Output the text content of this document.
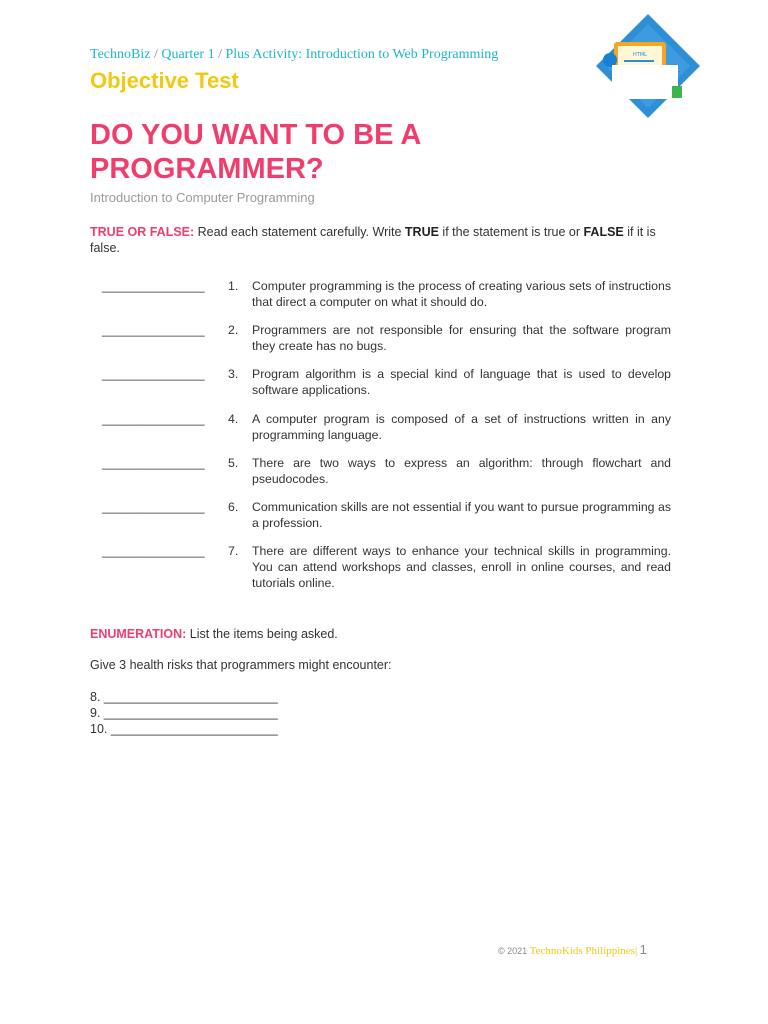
TechnoBiz / Quarter 1 / Plus Activity: Introduction to Web Programming	HTML
Objective Test
DO YOU WANT TO BE A PROGRAMMER?
Introduction to Computer Programming
TRUE OR FALSE: Read each statement carefully. Write TRUE if the statement is true or FALSE if it is false.
_______________ 1. Computer programming is the process of creating various sets of instructions that direct a computer on what it should do.
_______________ 2. Programmers are not responsible for ensuring that the software program they create has no bugs.
_______________ 3. Program algorithm is a special kind of language that is used to develop software applications.
_______________ 4. A computer program is composed of a set of instructions written in any programming language.
_______________ 5. There are two ways to express an algorithm: through flowchart and pseudocodes.
_______________ 6. Communication skills are not essential if you want to pursue programming as a profession.
_______________ 7. There are different ways to enhance your technical skills in programming. You can attend workshops and classes, enroll in online courses, and read tutorials online.
ENUMERATION: List the items being asked.
Give 3 health risks that programmers might encounter:
8. _________________________
9. _________________________
10. ________________________
© 2021 TechnoKids Philippines| 1
